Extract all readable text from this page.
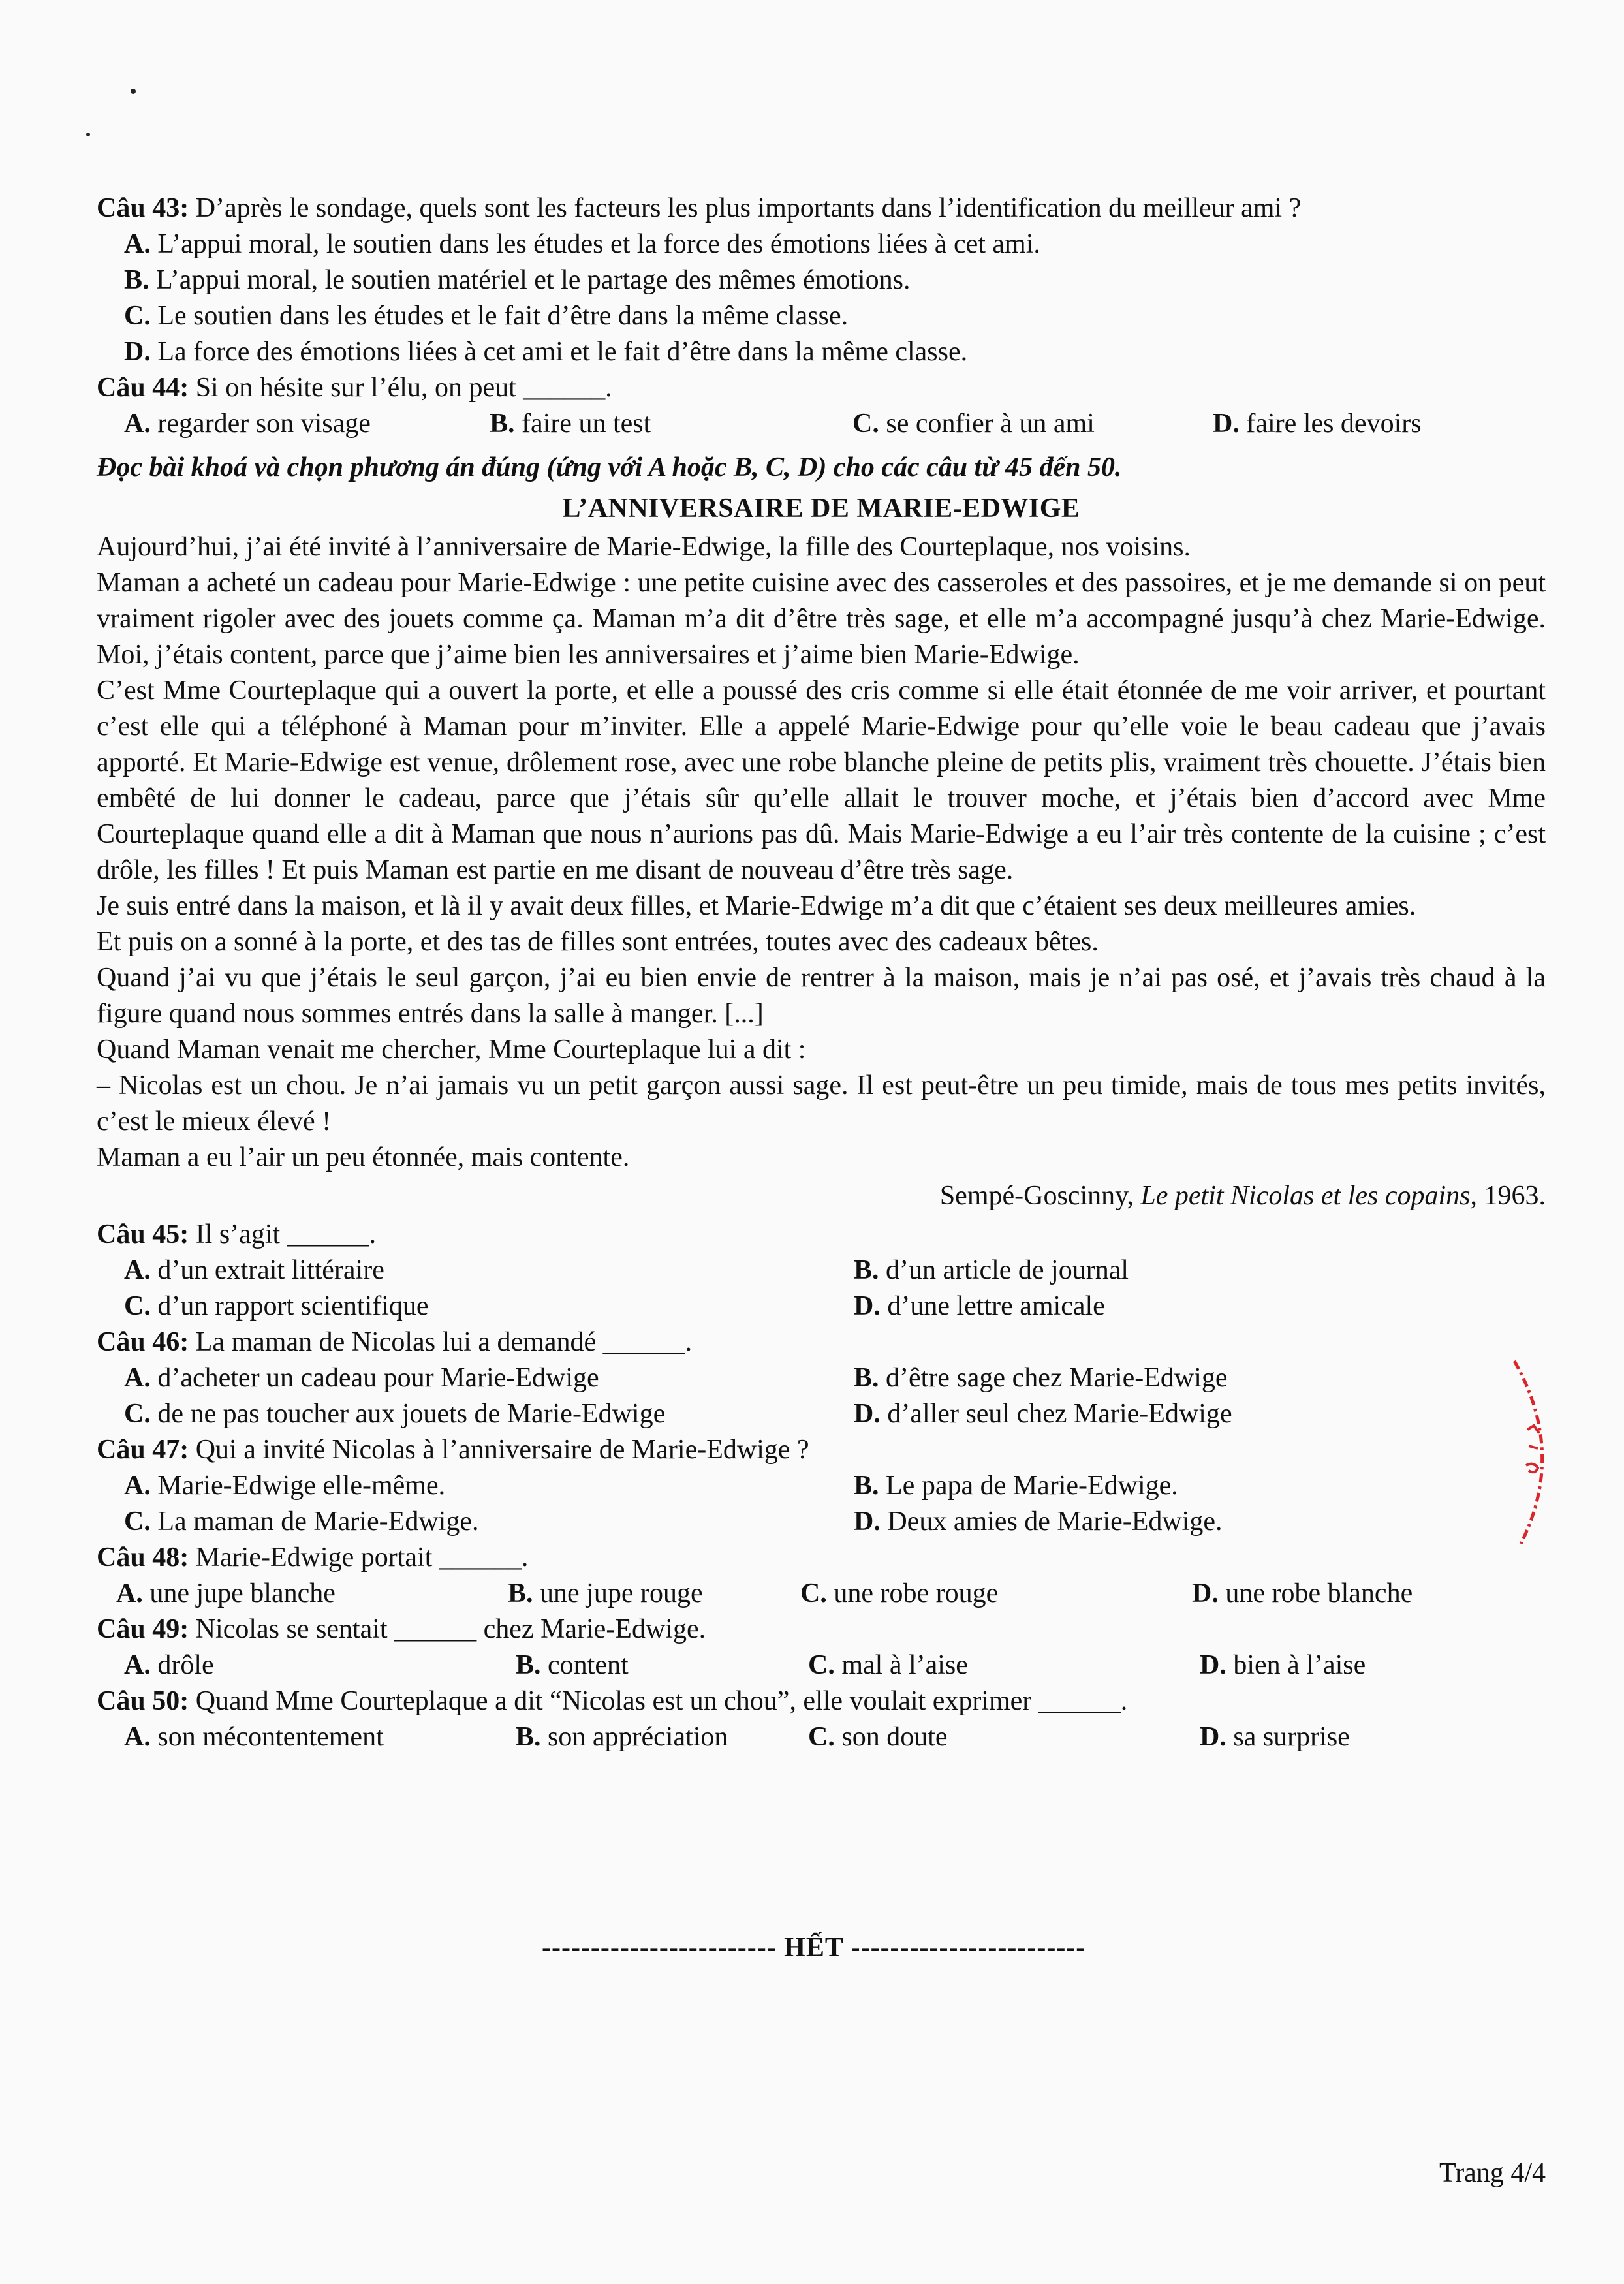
Câu 43: D’après le sondage, quels sont les facteurs les plus importants dans l’identification du meilleur ami ?

A. L’appui moral, le soutien dans les études et la force des émotions liées à cet ami.

B. L’appui moral, le soutien matériel et le partage des mêmes émotions.

C. Le soutien dans les études et le fait d’être dans la même classe.

D. La force des émotions liées à cet ami et le fait d’être dans la même classe.

Câu 44: Si on hésite sur l’élu, on peut ______.

A. regarder son visage	B. faire un test	C. se confier à un ami	D. faire les devoirs

Đọc bài khoá và chọn phương án đúng (ứng với A hoặc B, C, D) cho các câu từ 45 đến 50.

L’ANNIVERSAIRE DE MARIE-EDWIGE

Aujourd’hui, j’ai été invité à l’anniversaire de Marie-Edwige, la fille des Courteplaque, nos voisins.

Maman a acheté un cadeau pour Marie-Edwige : une petite cuisine avec des casseroles et des passoires, et je me demande si on peut vraiment rigoler avec des jouets comme ça. Maman m’a dit d’être très sage, et elle m’a accompagné jusqu’à chez Marie-Edwige. Moi, j’étais content, parce que j’aime bien les anniversaires et j’aime bien Marie-Edwige.

C’est Mme Courteplaque qui a ouvert la porte, et elle a poussé des cris comme si elle était étonnée de me voir arriver, et pourtant c’est elle qui a téléphoné à Maman pour m’inviter. Elle a appelé Marie-Edwige pour qu’elle voie le beau cadeau que j’avais apporté. Et Marie-Edwige est venue, drôlement rose, avec une robe blanche pleine de petits plis, vraiment très chouette. J’étais bien embêté de lui donner le cadeau, parce que j’étais sûr qu’elle allait le trouver moche, et j’étais bien d’accord avec Mme Courteplaque quand elle a dit à Maman que nous n’aurions pas dû. Mais Marie-Edwige a eu l’air très contente de la cuisine ; c’est drôle, les filles ! Et puis Maman est partie en me disant de nouveau d’être très sage.

Je suis entré dans la maison, et là il y avait deux filles, et Marie-Edwige m’a dit que c’étaient ses deux meilleures amies.

Et puis on a sonné à la porte, et des tas de filles sont entrées, toutes avec des cadeaux bêtes.

Quand j’ai vu que j’étais le seul garçon, j’ai eu bien envie de rentrer à la maison, mais je n’ai pas osé, et j’avais très chaud à la figure quand nous sommes entrés dans la salle à manger. [...]

Quand Maman venait me chercher, Mme Courteplaque lui a dit :

– Nicolas est un chou. Je n’ai jamais vu un petit garçon aussi sage. Il est peut-être un peu timide, mais de tous mes petits invités, c’est le mieux élevé !

Maman a eu l’air un peu étonnée, mais contente.

Sempé-Goscinny, Le petit Nicolas et les copains, 1963.

Câu 45: Il s’agit ______.

A. d’un extrait littéraire	B. d’un article de journal
C. d’un rapport scientifique	D. d’une lettre amicale

Câu 46: La maman de Nicolas lui a demandé ______.

A. d’acheter un cadeau pour Marie-Edwige	B. d’être sage chez Marie-Edwige
C. de ne pas toucher aux jouets de Marie-Edwige	D. d’aller seul chez Marie-Edwige

Câu 47: Qui a invité Nicolas à l’anniversaire de Marie-Edwige ?

A. Marie-Edwige elle-même.	B. Le papa de Marie-Edwige.
C. La maman de Marie-Edwige.	D. Deux amies de Marie-Edwige.

Câu 48: Marie-Edwige portait ______.

A. une jupe blanche	B. une jupe rouge	C. une robe rouge	D. une robe blanche

Câu 49: Nicolas se sentait ______ chez Marie-Edwige.

A. drôle	B. content	C. mal à l’aise	D. bien à l’aise

Câu 50: Quand Mme Courteplaque a dit “Nicolas est un chou”, elle voulait exprimer ______.

A. son mécontentement	B. son appréciation	C. son doute	D. sa surprise
------------------------ HẾT ------------------------
Trang 4/4
